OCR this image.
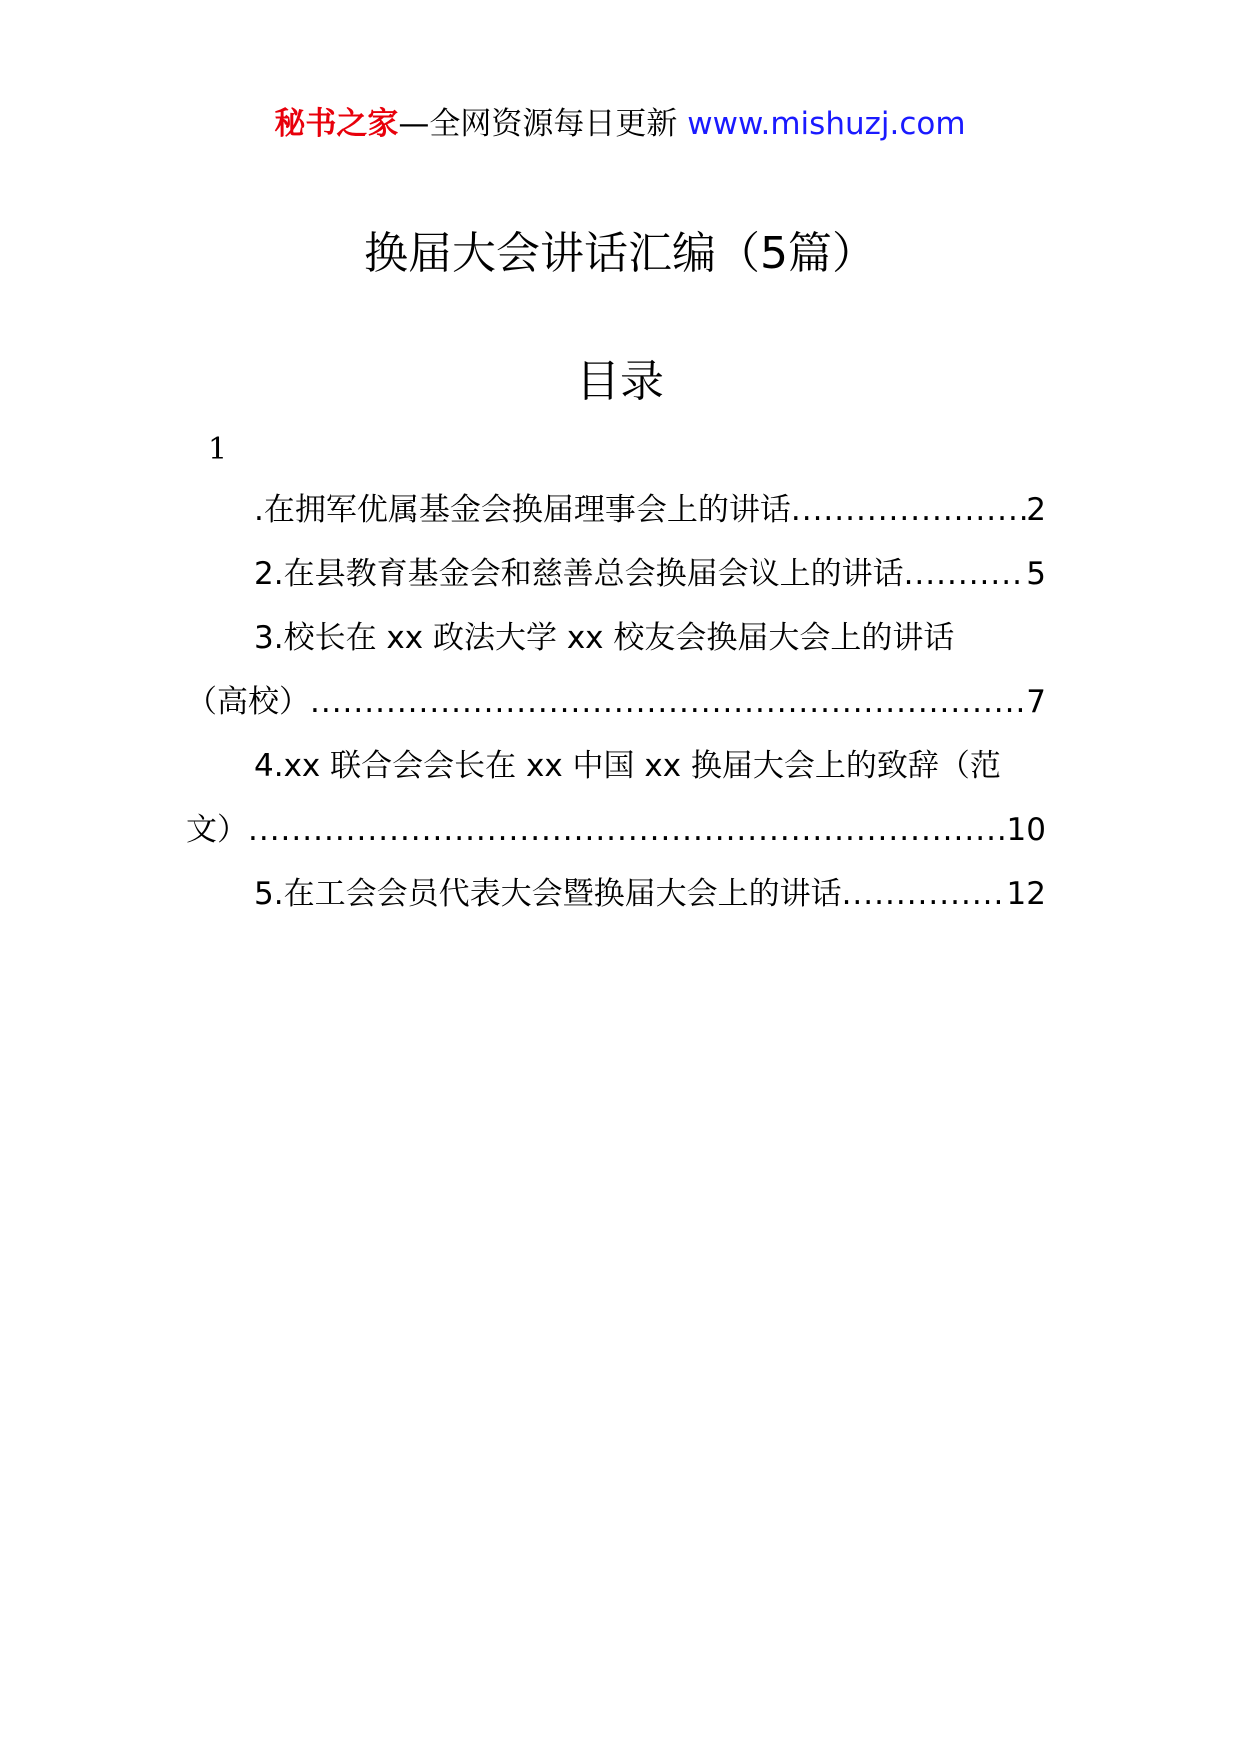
秘书之家—全网资源每日更新 www.mishuzj.com
换届大会讲话汇编（5篇）
目录
1
.在拥军优属基金会换届理事会上的讲话 .....	2
2.在县教育基金会和慈善总会换届会议上的讲话 .....	5
3.校长在 xx 政法大学 xx 校友会换届大会上的讲话
（高校） .....	7
4.xx 联合会会长在 xx 中国 xx 换届大会上的致辞（范
文） .....	10
5.在工会会员代表大会暨换届大会上的讲话 .....	12
